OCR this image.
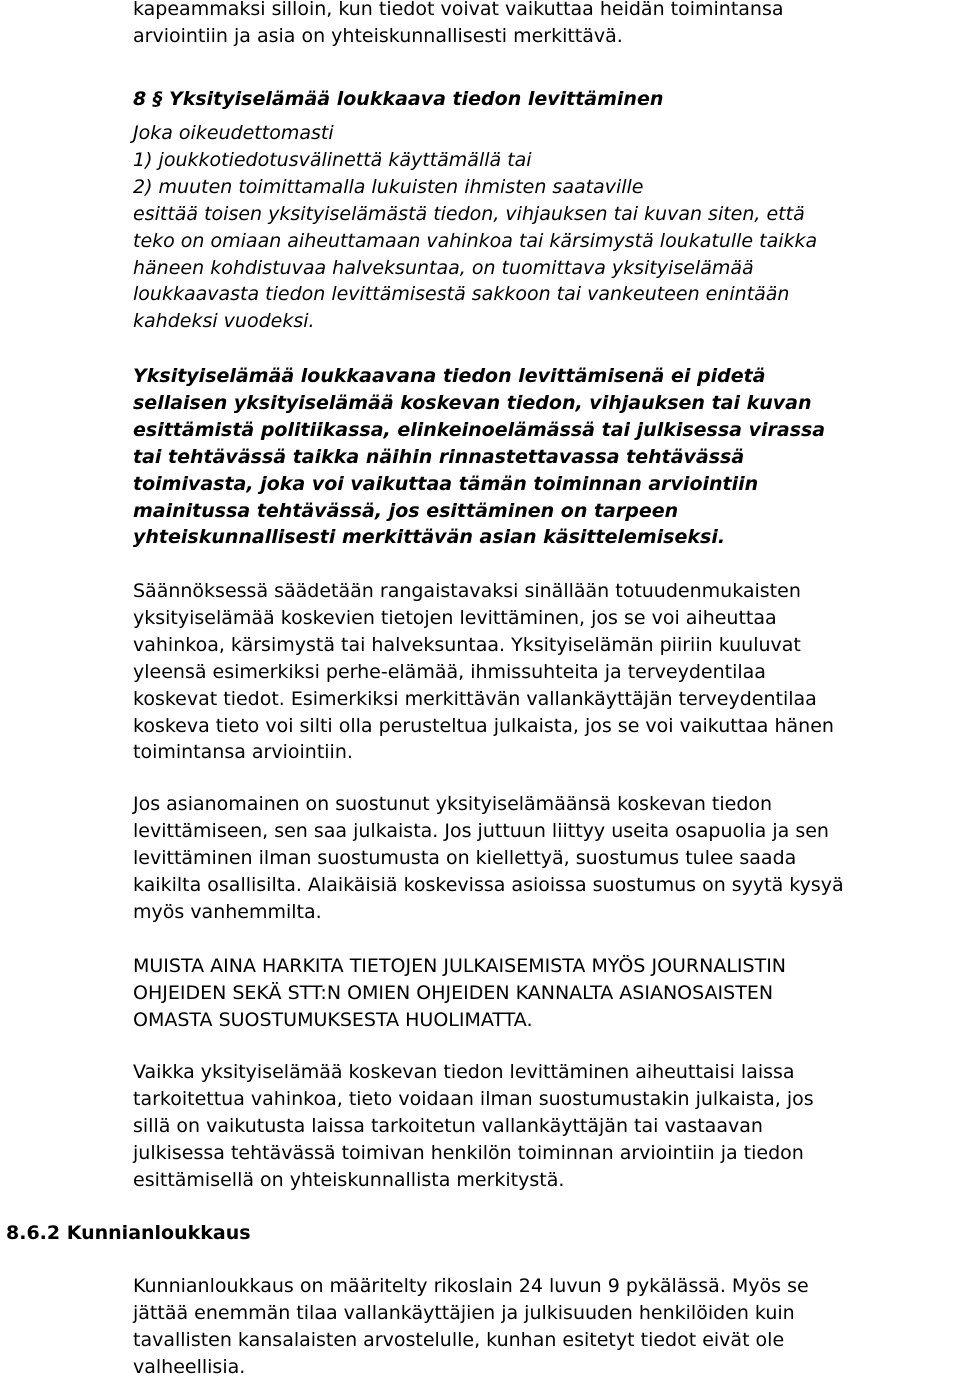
kapeammaksi silloin, kun tiedot voivat vaikuttaa heidän toimintansa
arviointiin ja asia on yhteiskunnallisesti merkittävä.
8 § Yksityiselämää loukkaava tiedon levittäminen
Joka oikeudettomasti
1) joukkotiedotusvälinettä käyttämällä tai
2) muuten toimittamalla lukuisten ihmisten saataville
esittää toisen yksityiselämästä tiedon, vihjauksen tai kuvan siten, että
teko on omiaan aiheuttamaan vahinkoa tai kärsimystä loukatulle taikka
häneen kohdistuvaa halveksuntaa, on tuomittava yksityiselämää
loukkaavasta tiedon levittämisestä sakkoon tai vankeuteen enintään
kahdeksi vuodeksi.
Yksityiselämää loukkaavana tiedon levittämisenä ei pidetä
sellaisen yksityiselämää koskevan tiedon, vihjauksen tai kuvan
esittämistä politiikassa, elinkeinoelämässä tai julkisessa virassa
tai tehtävässä taikka näihin rinnastettavassa tehtävässä
toimivasta, joka voi vaikuttaa tämän toiminnan arviointiin
mainitussa tehtävässä, jos esittäminen on tarpeen
yhteiskunnallisesti merkittävän asian käsittelemiseksi.
Säännöksessä säädetään rangaistavaksi sinällään totuudenmukaisten
yksityiselämää koskevien tietojen levittäminen, jos se voi aiheuttaa
vahinkoa, kärsimystä tai halveksuntaa. Yksityiselämän piiriin kuuluvat
yleensä esimerkiksi perhe-elämää, ihmissuhteita ja terveydentilaa
koskevat tiedot. Esimerkiksi merkittävän vallankäyttäjän terveydentilaa
koskeva tieto voi silti olla perusteltua julkaista, jos se voi vaikuttaa hänen
toimintansa arviointiin.
Jos asianomainen on suostunut yksityiselämäänsä koskevan tiedon
levittämiseen, sen saa julkaista. Jos juttuun liittyy useita osapuolia ja sen
levittäminen ilman suostumusta on kiellettyä, suostumus tulee saada
kaikilta osallisilta. Alaikäisiä koskevissa asioissa suostumus on syytä kysyä
myös vanhemmilta.
MUISTA AINA HARKITA TIETOJEN JULKAISEMISTA MYÖS JOURNALISTIN
OHJEIDEN SEKÄ STT:N OMIEN OHJEIDEN KANNALTA ASIANOSAISTEN
OMASTA SUOSTUMUKSESTA HUOLIMATTA.
Vaikka yksityiselämää koskevan tiedon levittäminen aiheuttaisi laissa
tarkoitettua vahinkoa, tieto voidaan ilman suostumustakin julkaista, jos
sillä on vaikutusta laissa tarkoitetun vallankäyttäjän tai vastaavan
julkisessa tehtävässä toimivan henkilön toiminnan arviointiin ja tiedon
esittämisellä on yhteiskunnallista merkitystä.
8.6.2 Kunnianloukkaus
Kunnianloukkaus on määritelty rikoslain 24 luvun 9 pykälässä. Myös se
jättää enemmän tilaa vallankäyttäjien ja julkisuuden henkilöiden kuin
tavallisten kansalaisten arvostelulle, kunhan esitetyt tiedot eivät ole
valheellisia.
